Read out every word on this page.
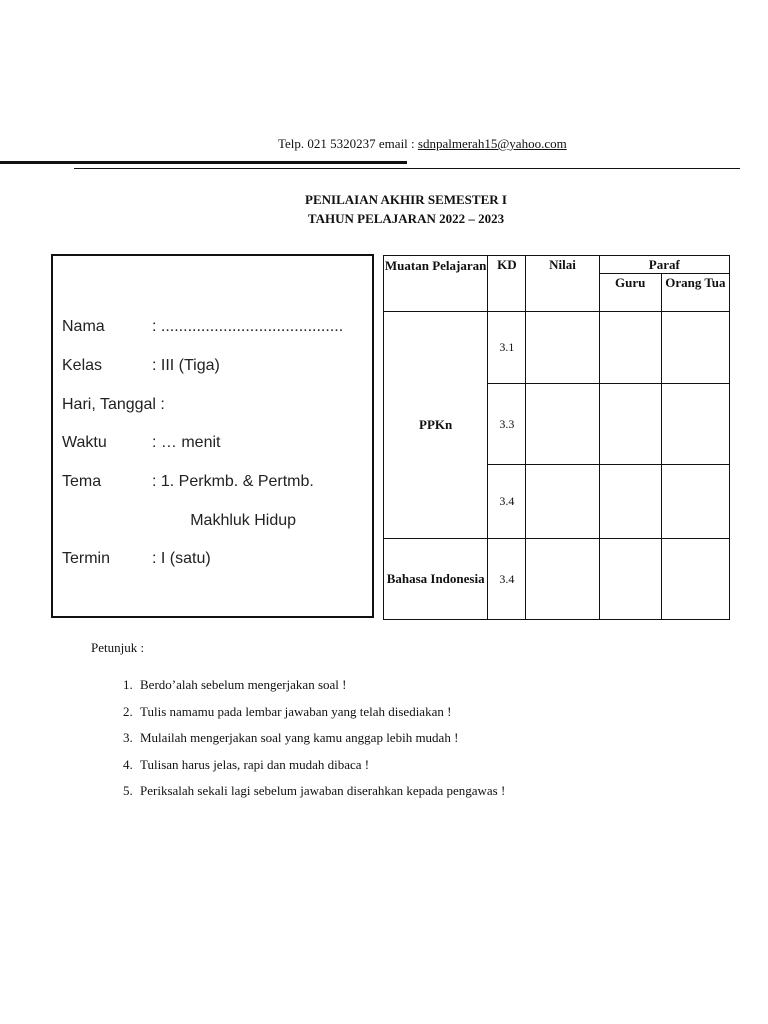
Telp. 021 5320237 email : sdnpalmerah15@yahoo.com
PENILAIAN AKHIR SEMESTER I
TAHUN PELAJARAN 2022 – 2023
Nama	: .........................................
Kelas	: III (Tiga)
Hari, Tanggal :
Waktu	: … menit
Tema	: 1. Perkmb. & Pertmb.
Makhluk Hidup
Termin	: I (satu)
Muatan Pelajaran	KD	Nilai	Paraf	
			Guru	Orang Tua
PPKn	3.1			
	3.3			
	3.4			
Bahasa Indonesia	3.4			
Petunjuk :
1. Berdo’alah sebelum mengerjakan soal !
2. Tulis namamu pada lembar jawaban yang telah disediakan !
3. Mulailah mengerjakan soal yang kamu anggap lebih mudah !
4. Tulisan harus jelas, rapi dan mudah dibaca !
5. Periksalah sekali lagi sebelum jawaban diserahkan kepada pengawas !
